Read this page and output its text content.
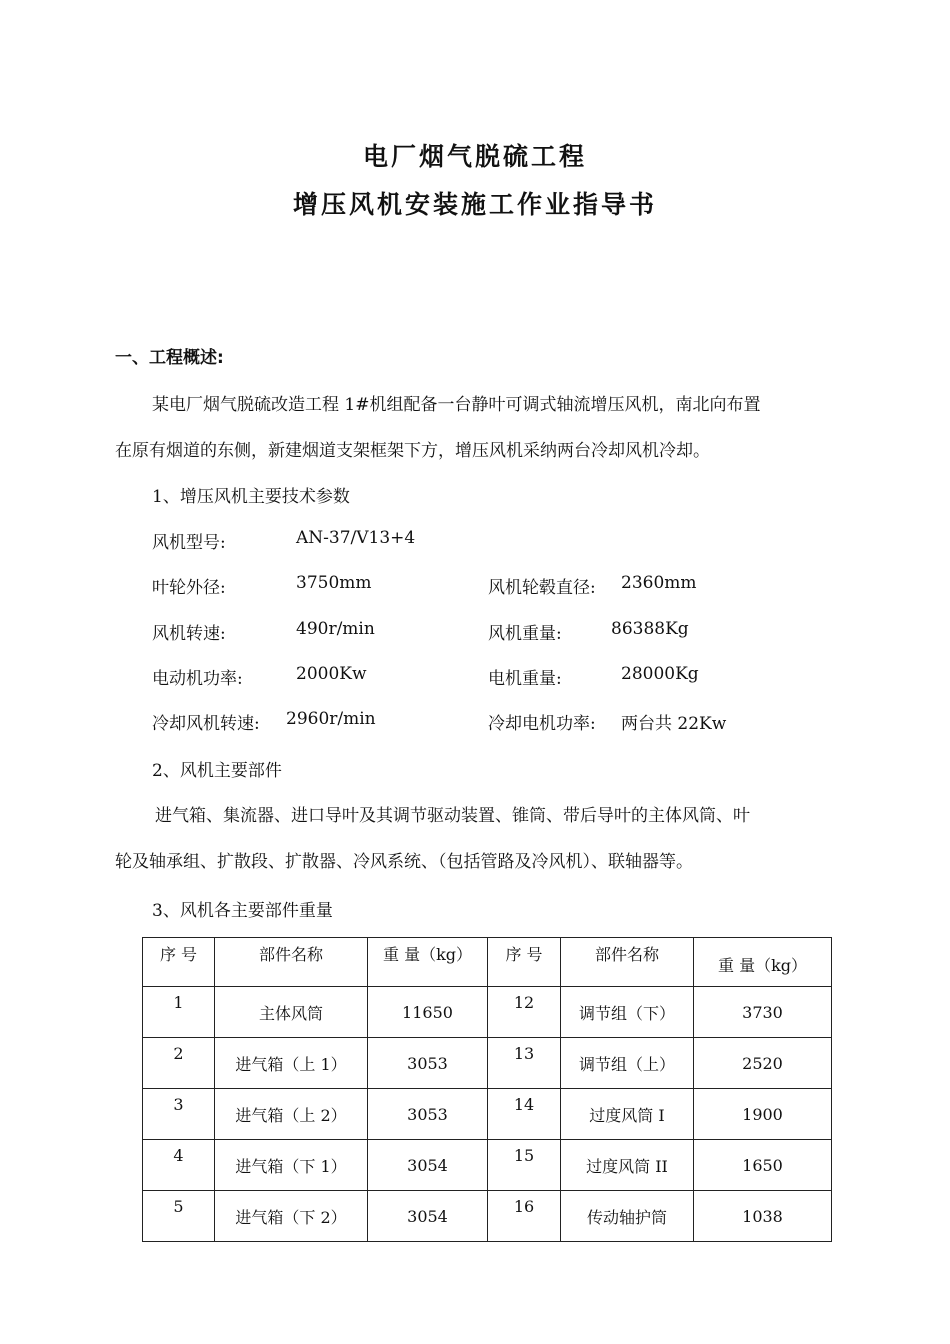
电厂烟气脱硫工程
增压风机安装施工作业指导书
一、工程概述:
某电厂烟气脱硫改造工程 1#机组配备一台静叶可调式轴流增压风机，南北向布置
在原有烟道的东侧，新建烟道支架框架下方，增压风机采纳两台冷却风机冷却。
1、增压风机主要技术参数
风机型号:	AN-37/V13+4
叶轮外径:	3750mm	风机轮毂直径: 2360mm
风机转速:	490r/min	风机重量:	86388Kg
电动机功率:	2000Kw	电机重量:	28000Kg
冷却风机转速: 2960r/min	冷却电机功率: 两台共 22Kw
2、风机主要部件
进气箱、集流器、进口导叶及其调节驱动装置、锥筒、带后导叶的主体风筒、叶
轮及轴承组、扩散段、扩散器、冷风系统、（包括管路及冷风机）、联轴器等。
3、风机各主要部件重量
序 号	部件名称	重 量（kg）	序 号	部件名称	重 量（kg）
1	主体风筒	11650	12	调节组（下）	3730
2	进气箱（上 1）	3053	13	调节组（上）	2520
3	进气箱（上 2）	3053	14	过度风筒 I	1900
4	进气箱（下 1）	3054	15	过度风筒 II	1650
5	进气箱（下 2）	3054	16	传动轴护筒	1038
